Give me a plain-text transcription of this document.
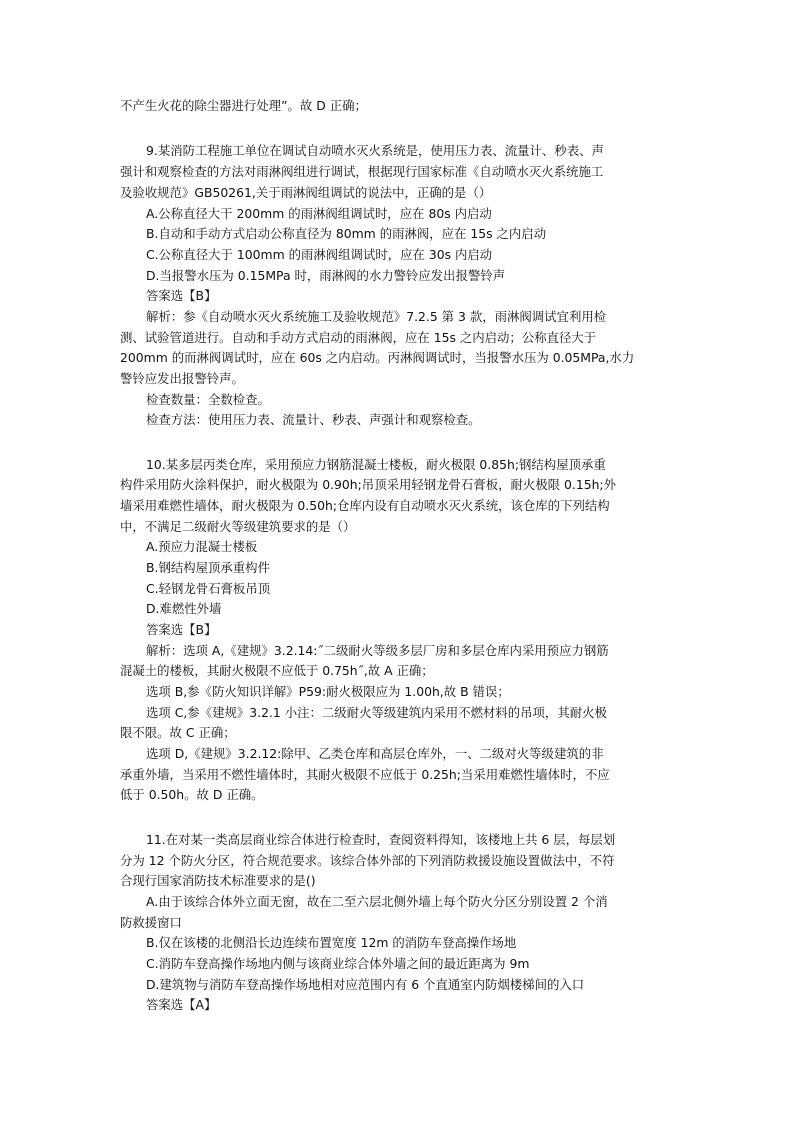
不产生火花的除尘器进行处理”。故 D 正确；
9.某消防工程施工单位在调试自动喷水灭火系统是，使用压力表、流量计、秒表、声
强计和观察检查的方法对雨淋阀组进行调试，根据现行国家标准《自动喷水灭火系统施工
及验收规范》GB50261,关于雨淋阀组调试的说法中，正确的是（）
A.公称直径大干 200mm 的雨淋阀组调试时，应在 80s 内启动
B.自动和手动方式启动公称直径为 80mm 的雨淋阀，应在 15s 之内启动
C.公称直径大于 100mm 的雨淋阀组调试时，应在 30s 内启动
D.当报警水压为 0.15MPa 时，雨淋阀的水力警铃应发出报警铃声
答案选【B】
解析：参《自动喷水灭火系统施工及验收规范》7.2.5 第 3 款，雨淋阀调试宜利用检
测、试验管道进行。自动和手动方式启动的雨淋阀，应在 15s 之内启动；公称直径大于
200mm 的而淋阀调试时，应在 60s 之内启动。丙淋阀调试时，当报警水压为 0.05MPa,水力
警铃应发出报警铃声。
检查数量：全数检查。
检查方法：使用压力表、流量计、秒表、声强计和观察检查。
10.某多层丙类仓库，采用预应力钢筋混凝士楼板，耐火极限 0.85h;钢结构屋顶承重
构件采用防火涂料保护，耐火极限为 0.90h;吊顶采用轻钢龙骨石膏板，耐火极限 0.15h;外
墙采用难燃性墙体，耐火极限为 0.50h;仓库内设有自动喷水灭火系统，该仓库的下列结构
中，不满足二级耐火等级建筑要求的是（）
A.预应力混凝士楼板
B.钢结构屋顶承重构件
C.轻钢龙骨石膏板吊顶
D.难燃性外墙
答案选【B】
解析：选项 A,《建规》3.2.14:˝二级耐火等级多层厂房和多层仓库内采用预应力钢筋
混凝土的楼板，其耐火极限不应低于 0.75h˝,故 A 正确；
选项 B,参《防火知识详解》P59:耐火极限应为 1.00h,故 B 错误；
选项 C,参《建规》3.2.1 小注：二级耐火等级建筑内采用不燃材料的吊项，其耐火极
限不限。故 C 正确；
选项 D,《建规》3.2.12:除甲、乙类仓库和高层仓库外，一、二级对火等级建筑的非
承重外墙，当采用不燃性墙体时，其耐火极限不应低于 0.25h;当采用难燃性墙体时，不应
低于 0.50h。故 D 正确。
11.在对某一类高层商业综合体进行检查时，查阅资料得知，该楼地上共 6 层，每层划
分为 12 个防火分区，符合规范要求。该综合体外部的下列消防救援设施设置做法中，不符
合现行国家消防技术标准要求的是()
A.由于该综合体外立面无窗，故在二至六层北侧外墙上每个防火分区分别设置 2 个消
防救援窗口
B.仅在该楼的北侧沿长边连续布置宽度 12m 的消防车登高操作场地
C.消防车登高操作场地内侧与该商业综合体外墙之间的最近距离为 9m
D.建筑物与消防车登高操作场地相对应范围内有 6 个直通室内防烟楼梯间的入口
答案选【A】
